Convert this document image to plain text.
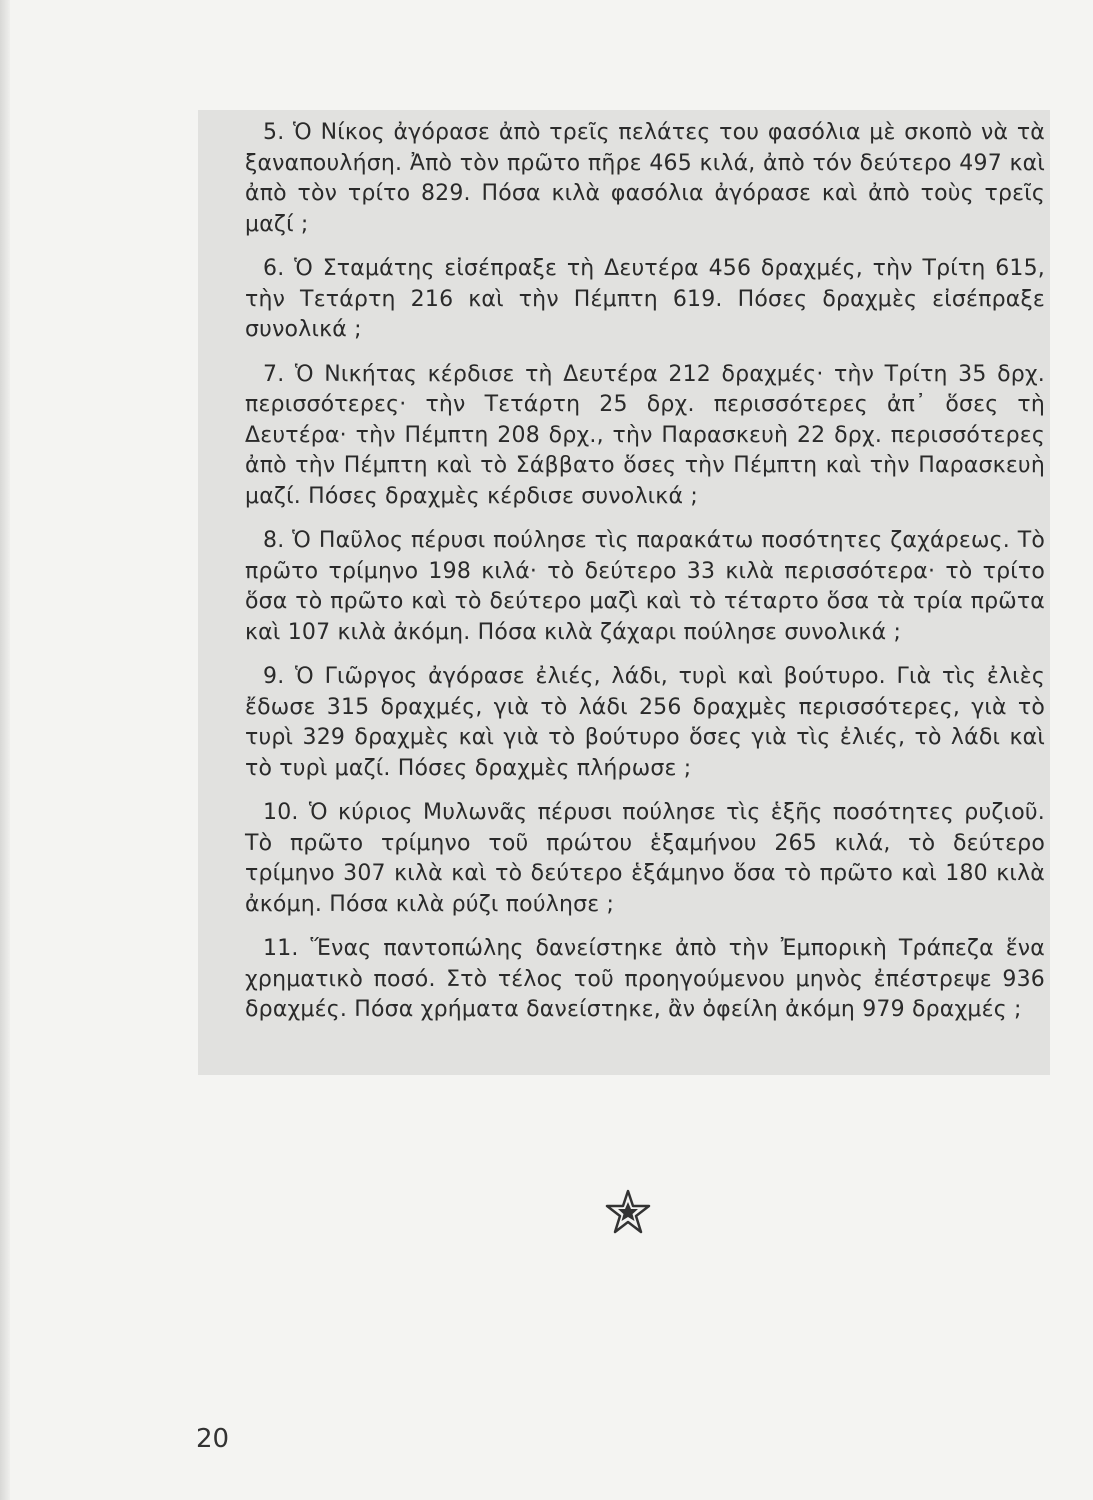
5. Ὁ Νίκος ἀγόρασε ἀπὸ τρεῖς πελάτες του φασόλια μὲ σκοπὸ νὰ τὰ ξαναπουλήση. Ἀπὸ τὸν πρῶτο πῆρε 465 κιλά, ἀπὸ τόν δεύτερο 497 καὶ ἀπὸ τὸν τρίτο 829. Πόσα κιλὰ φασόλια ἀγόρασε καὶ ἀπὸ τοὺς τρεῖς μαζί ;

6. Ὁ Σταμάτης εἰσέπραξε τὴ Δευτέρα 456 δραχμές, τὴν Τρίτη 615, τὴν Τετάρτη 216 καὶ τὴν Πέμπτη 619. Πόσες δραχμὲς εἰσέπραξε συνολικά ;

7. Ὁ Νικήτας κέρδισε τὴ Δευτέρα 212 δραχμές· τὴν Τρίτη 35 δρχ. περισσότερες· τὴν Τετάρτη 25 δρχ. περισσότερες ἀπ᾽ ὅσες τὴ Δευτέρα· τὴν Πέμπτη 208 δρχ., τὴν Παρασκευὴ 22 δρχ. περισσότερες ἀπὸ τὴν Πέμπτη καὶ τὸ Σάββατο ὅσες τὴν Πέμπτη καὶ τὴν Παρασκευὴ μαζί. Πόσες δραχμὲς κέρδισε συνολικά ;

8. Ὁ Παῦλος πέρυσι πούλησε τὶς παρακάτω ποσότητες ζαχάρεως. Τὸ πρῶτο τρίμηνο 198 κιλά· τὸ δεύτερο 33 κιλὰ περισσότερα· τὸ τρίτο ὅσα τὸ πρῶτο καὶ τὸ δεύτερο μαζὶ καὶ τὸ τέταρτο ὅσα τὰ τρία πρῶτα καὶ 107 κιλὰ ἀκόμη. Πόσα κιλὰ ζάχαρι πούλησε συνολικά ;

9. Ὁ Γιῶργος ἀγόρασε ἐλιές, λάδι, τυρὶ καὶ βούτυρο. Γιὰ τὶς ἐλιὲς ἔδωσε 315 δραχμές, γιὰ τὸ λάδι 256 δραχμὲς περισσότερες, γιὰ τὸ τυρὶ 329 δραχμὲς καὶ γιὰ τὸ βούτυρο ὅσες γιὰ τὶς ἐλιές, τὸ λάδι καὶ τὸ τυρὶ μαζί. Πόσες δραχμὲς πλήρωσε ;

10. Ὁ κύριος Μυλωνᾶς πέρυσι πούλησε τὶς ἑξῆς ποσότητες ρυζιοῦ. Τὸ πρῶτο τρίμηνο τοῦ πρώτου ἑξαμήνου 265 κιλά, τὸ δεύτερο τρίμηνο 307 κιλὰ καὶ τὸ δεύτερο ἑξάμηνο ὅσα τὸ πρῶτο καὶ 180 κιλὰ ἀκόμη. Πόσα κιλὰ ρύζι πούλησε ;

11. Ἕνας παντοπώλης δανείστηκε ἀπὸ τὴν Ἐμπορικὴ Τράπεζα ἕνα χρηματικὸ ποσό. Στὸ τέλος τοῦ προηγούμενου μηνὸς ἐπέστρεψε 936 δραχμές. Πόσα χρήματα δανείστηκε, ἂν ὀφείλη ἀκόμη 979 δραχμές ;

20
